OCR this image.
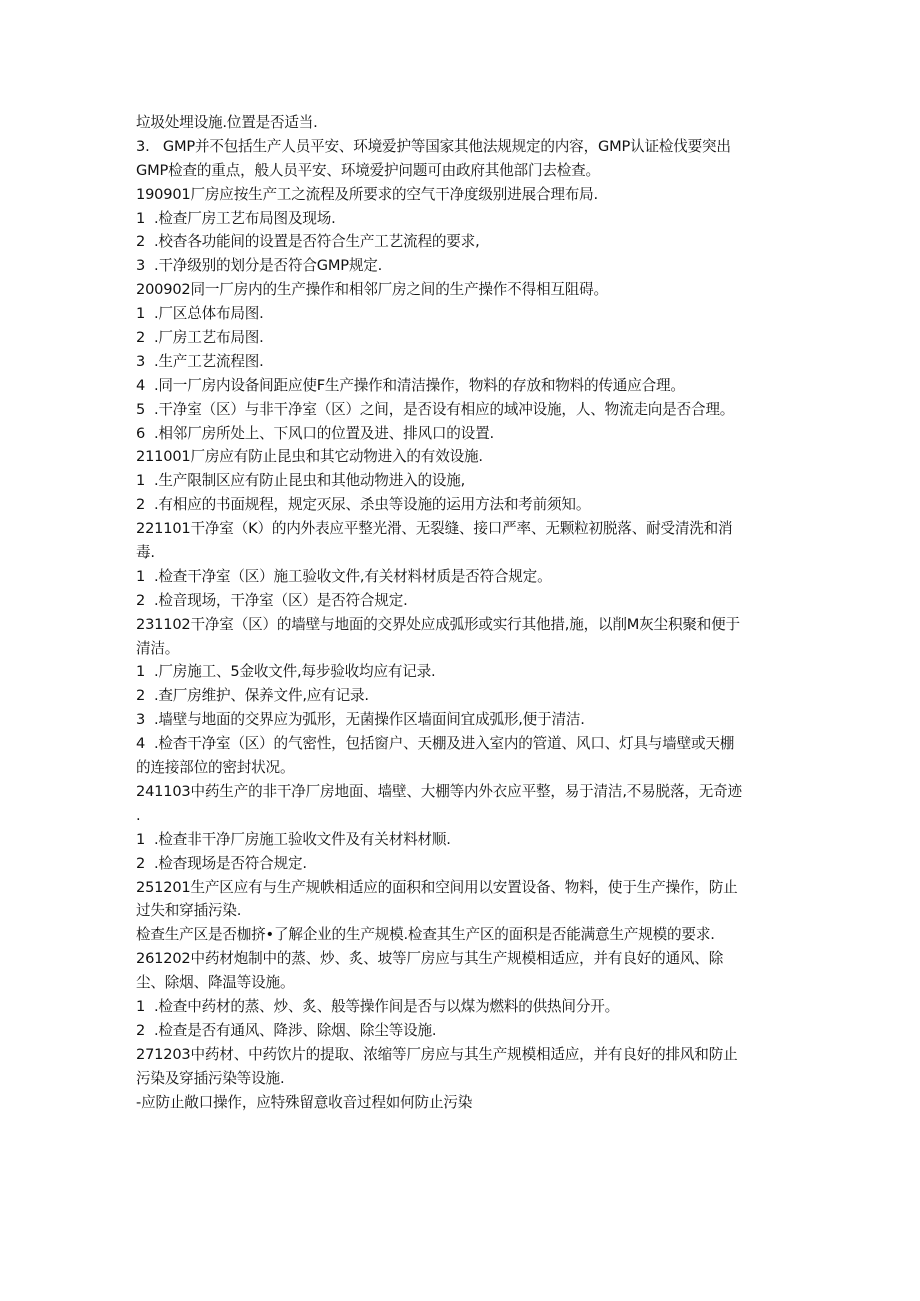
垃圾处埋设施.位置是否适当.
3.   GMP并不包括生产人员平安、环境爱护等国家其他法规规定的内容，GMP认证检伐要突出
GMP检查的重点，般人员平安、环境爱护问题可由政府其他部门去检查。
190901厂房应按生产工之流程及所要求的空气干净度级别进展合理布局.
1  .检查厂房工艺布局图及现场.
2  .校杳各功能间的设置是否符合生产工艺流程的要求,
3  .干净级别的划分是否符合GMP规定.
200902同一厂房内的生产操作和相邻厂房之间的生产操作不得相互阻碍。
1  .厂区总体布局图.
2  .厂房工艺布局图.
3  .生产工艺流程图.
4  .同一厂房内设备间距应使F生产操作和清洁操作，物料的存放和物料的传通应合理。
5  .干净室（区）与非干净室（区）之间，是否设有相应的域冲设施，人、物流走向是否合理。
6  .相邻厂房所处上、下风口的位置及进、排风口的设置.
211001厂房应有防止昆虫和其它动物进入的有效设施.
1  .生产限制区应有防止昆虫和其他动物进入的设施,
2  .有相应的书面规程，规定灭尿、杀虫等设施的运用方法和考前须知。
221101干净室（K）的内外表应平整光滑、无裂缝、接口严率、无颗粒初脱落、耐受清洗和消
毒.
1  .检查干净室（区）施工验收文件,有关材料材质是否符合规定。
2  .检音现场，干净室（区）是否符合规定.
231102干净室（区）的墙壁与地面的交界处应成弧形或实行其他措,施，以削M灰尘积聚和便于
清洁。
1  .厂房施工、5金收文件,每步验收均应有记录.
2  .查厂房维护、保养文件,应有记录.
3  .墙壁与地面的交界应为弧形，无菌操作区墙面间宜成弧形,便于清洁.
4  .检杳干净室（区）的气密性，包括窗户、天棚及进入室内的管道、风口、灯具与墙壁或天棚
的连接部位的密封状况。
241103中药生产的非干净厂房地面、墙壁、大棚等内外衣应平整，易于清洁,不易脱落，无奇迹
.
1  .检查非干净厂房施工验收文件及有关材料材顺.
2  .检杳现场是否符合规定.
251201生产区应有与生产规帙相适应的面积和空间用以安置设备、物料，使于生产操作，防止
过失和穿插污染.
检查生产区是否枷挤•了解企业的生产规模.检查其生产区的面积是否能满意生产规模的要求.
261202中药材炮制中的蒸、炒、炙、坡等厂房应与其生产规模相适应，并有良好的通风、除
尘、除烟、降温等设施。
1  .检查中药材的蒸、炒、炙、般等操作间是否与以煤为燃料的供热间分开。
2  .检查是否有通风、降涉、除烟、除尘等设施.
271203中药材、中药饮片的提取、浓缩等厂房应与其生产规模相适应，并有良好的排风和防止
污染及穿插污染等设施.
-应防止敞口操作，应特殊留意收音过程如何防止污染
